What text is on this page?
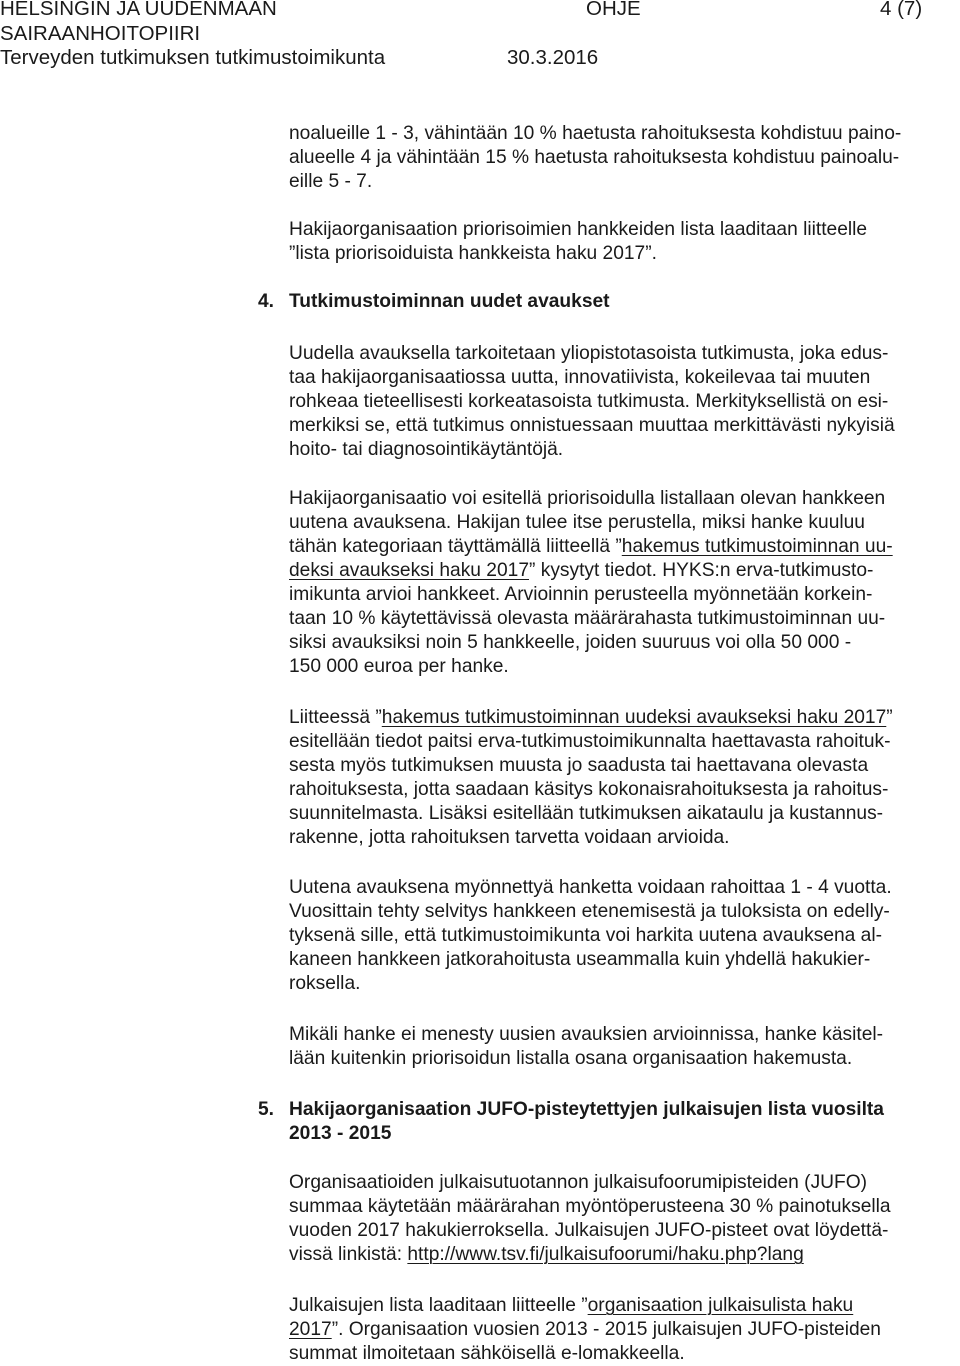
HELSINGIN JA UUDENMAAN	OHJE	4 (7)
SAIRAANHOITOPIIRI
Terveyden tutkimuksen tutkimustoimikunta	30.3.2016
noalueille 1 - 3, vähintään 10 % haetusta rahoituksesta kohdistuu paino-
alueelle 4 ja vähintään 15 % haetusta rahoituksesta kohdistuu painoalu-
eille 5 - 7.
Hakijaorganisaation priorisoimien hankkeiden lista laaditaan liitteelle
”lista priorisoiduista hankkeista haku 2017”.
4. Tutkimustoiminnan uudet avaukset
Uudella avauksella tarkoitetaan yliopistotasoista tutkimusta, joka edus-
taa hakijaorganisaatiossa uutta, innovatiivista, kokeilevaa tai muuten
rohkeaa tieteellisesti korkeatasoista tutkimusta. Merkityksellistä on esi-
merkiksi se, että tutkimus onnistuessaan muuttaa merkittävästi nykyisiä
hoito- tai diagnosointikäytäntöjä.
Hakijaorganisaatio voi esitellä priorisoidulla listallaan olevan hankkeen
uutena avauksena. Hakijan tulee itse perustella, miksi hanke kuuluu
tähän kategoriaan täyttämällä liitteellä ”hakemus tutkimustoiminnan uu-
deksi avaukseksi haku 2017” kysytyt tiedot. HYKS:n erva-tutkimusto-
imikunta arvioi hankkeet. Arvioinnin perusteella myönnetään korkein-
taan 10 % käytettävissä olevasta määrärahasta tutkimustoiminnan uu-
siksi avauksiksi noin 5 hankkeelle, joiden suuruus voi olla 50 000 -
150 000 euroa per hanke.
Liitteessä ”hakemus tutkimustoiminnan uudeksi avaukseksi haku 2017”
esitellään tiedot paitsi erva-tutkimustoimikunnalta haettavasta rahoituk-
sesta myös tutkimuksen muusta jo saadusta tai haettavana olevasta
rahoituksesta, jotta saadaan käsitys kokonaisrahoituksesta ja rahoitus-
suunnitelmasta. Lisäksi esitellään tutkimuksen aikataulu ja kustannus-
rakenne, jotta rahoituksen tarvetta voidaan arvioida.
Uutena avauksena myönnettyä hanketta voidaan rahoittaa 1 - 4 vuotta.
Vuosittain tehty selvitys hankkeen etenemisestä ja tuloksista on edelly-
tyksenä sille, että tutkimustoimikunta voi harkita uutena avauksena al-
kaneen hankkeen jatkorahoitusta useammalla kuin yhdellä hakukier-
roksella.
Mikäli hanke ei menesty uusien avauksien arvioinnissa, hanke käsitel-
lään kuitenkin priorisoidun listalla osana organisaation hakemusta.
5. Hakijaorganisaation JUFO-pisteytettyjen julkaisujen lista vuosilta
2013 - 2015
Organisaatioiden julkaisutuotannon julkaisufoorumipisteiden (JUFO)
summaa käytetään määrärahan myöntöperusteena 30 % painotuksella
vuoden 2017 hakukierroksella. Julkaisujen JUFO-pisteet ovat löydettä-
vissä linkistä: http://www.tsv.fi/julkaisufoorumi/haku.php?lang
Julkaisujen lista laaditaan liitteelle ”organisaation julkaisulista haku
2017”. Organisaation vuosien 2013 - 2015 julkaisujen JUFO-pisteiden
summat ilmoitetaan sähköisellä e-lomakkeella.
